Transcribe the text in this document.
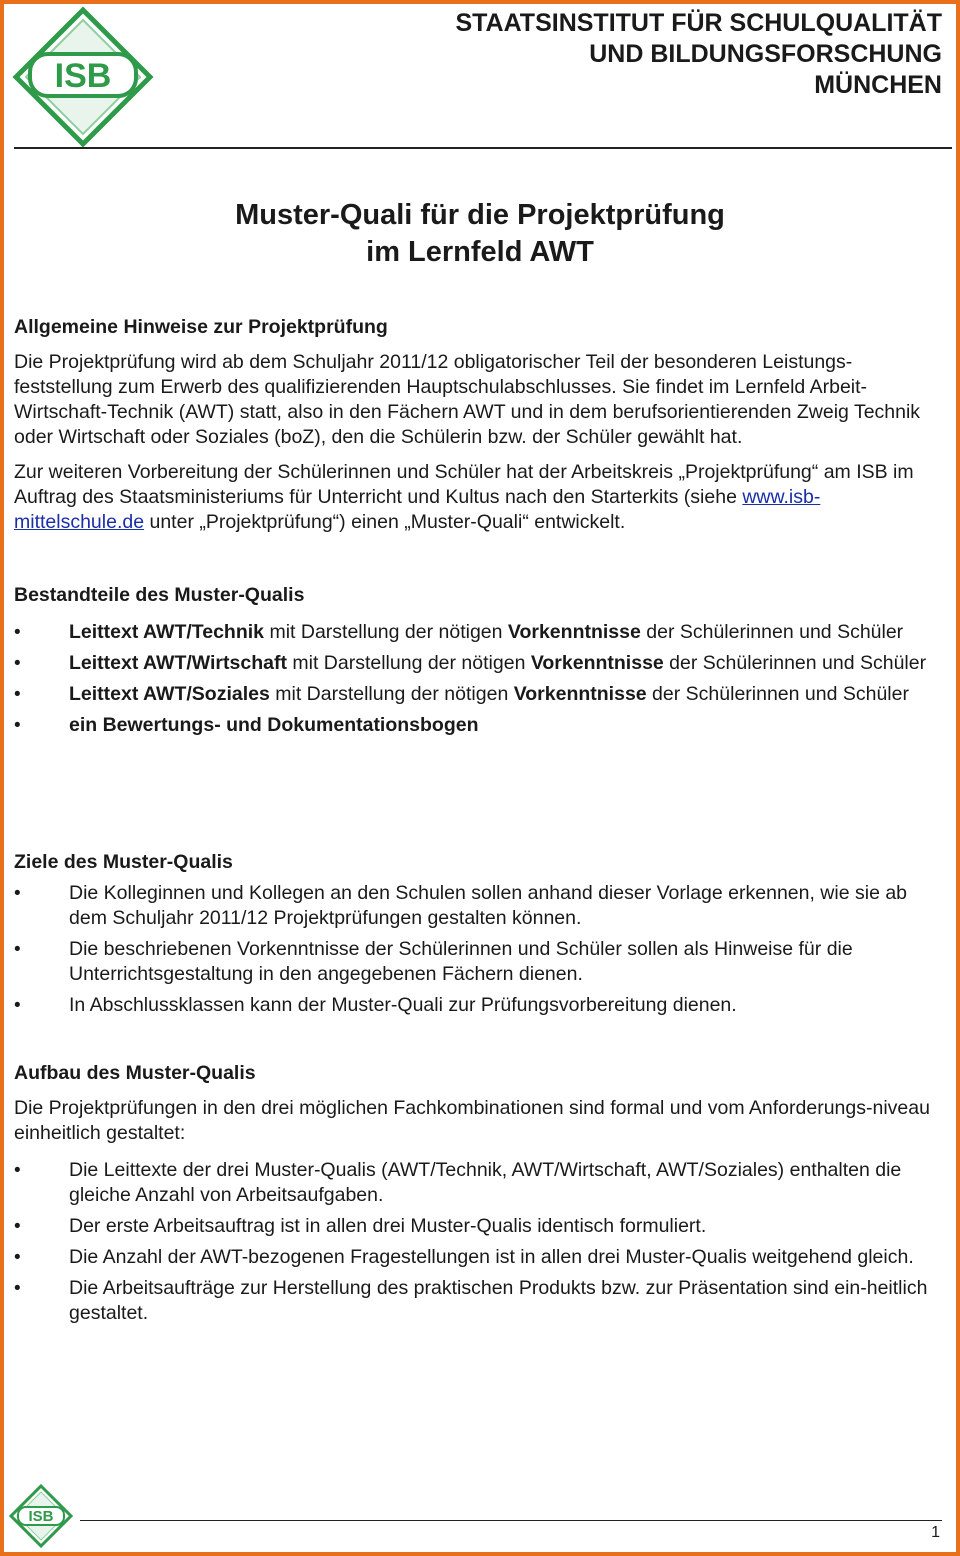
ISB
STAATSINSTITUT FÜR SCHULQUALITÄT
UND BILDUNGSFORSCHUNG
MÜNCHEN
Muster-Quali für die Projektprüfung
im Lernfeld AWT
Allgemeine Hinweise zur Projektprüfung

Die Projektprüfung wird ab dem Schuljahr 2011/12 obligatorischer Teil der besonderen Leistungs-feststellung zum Erwerb des qualifizierenden Hauptschulabschlusses. Sie findet im Lernfeld Arbeit-Wirtschaft-Technik (AWT) statt, also in den Fächern AWT und in dem berufsorientierenden Zweig Technik oder Wirtschaft oder Soziales (boZ), den die Schülerin bzw. der Schüler gewählt hat.

Zur weiteren Vorbereitung der Schülerinnen und Schüler hat der Arbeitskreis „Projektprüfung“ am ISB im Auftrag des Staatsministeriums für Unterricht und Kultus nach den Starterkits (siehe www.isb-mittelschule.de unter „Projektprüfung“) einen „Muster-Quali“ entwickelt.

Bestandteile des Muster-Qualis
•	Leittext AWT/Technik mit Darstellung der nötigen Vorkenntnisse der Schülerinnen und Schüler
•	Leittext AWT/Wirtschaft mit Darstellung der nötigen Vorkenntnisse der Schülerinnen und Schüler
•	Leittext AWT/Soziales mit Darstellung der nötigen Vorkenntnisse der Schülerinnen und Schüler
•	ein Bewertungs- und Dokumentationsbogen
Ziele des Muster-Qualis
•	Die Kolleginnen und Kollegen an den Schulen sollen anhand dieser Vorlage erkennen, wie sie ab dem Schuljahr 2011/12 Projektprüfungen gestalten können.
•	Die beschriebenen Vorkenntnisse der Schülerinnen und Schüler sollen als Hinweise für die Unterrichtsgestaltung in den angegebenen Fächern dienen.
•	In Abschlussklassen kann der Muster-Quali zur Prüfungsvorbereitung dienen.
Aufbau des Muster-Qualis

Die Projektprüfungen in den drei möglichen Fachkombinationen sind formal und vom Anforderungs-niveau einheitlich gestaltet:

•	Die Leittexte der drei Muster-Qualis (AWT/Technik, AWT/Wirtschaft, AWT/Soziales) enthalten die gleiche Anzahl von Arbeitsaufgaben.
•	Der erste Arbeitsauftrag ist in allen drei Muster-Qualis identisch formuliert.
•	Die Anzahl der AWT-bezogenen Fragestellungen ist in allen drei Muster-Qualis weitgehend gleich.
•	Die Arbeitsaufträge zur Herstellung des praktischen Produkts bzw. zur Präsentation sind ein-heitlich gestaltet.
ISB
1
